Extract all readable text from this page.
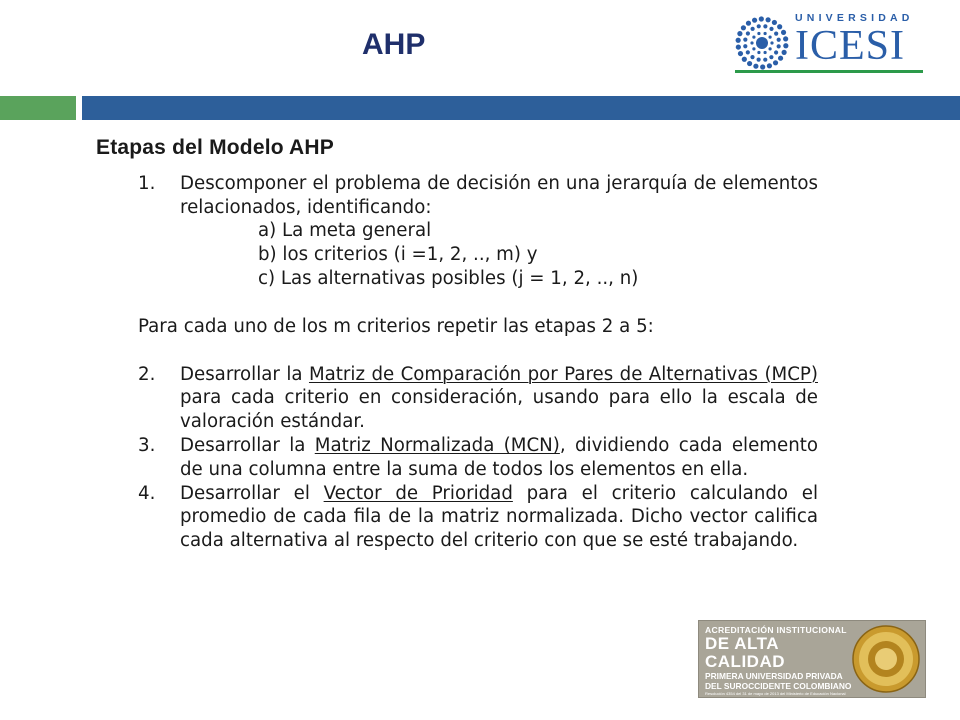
AHP
UNIVERSIDAD
ICESI
Etapas del Modelo AHP
1.	Descomponer el problema de decisión en una jerarquía de elementos relacionados, identificando:
a) La meta general
b) los criterios (i =1, 2, .., m) y
c) Las alternativas posibles (j = 1, 2, .., n)
Para cada uno de los m criterios repetir las etapas 2 a 5:
2.	Desarrollar la Matriz de Comparación por Pares de Alternativas (MCP) para cada criterio en consideración, usando para ello la escala de valoración estándar.
3.	Desarrollar la Matriz Normalizada (MCN), dividiendo cada elemento de una columna entre la suma de todos los elementos en ella.
4.	Desarrollar el Vector de Prioridad para el criterio calculando el promedio de cada fila de la matriz normalizada. Dicho vector califica cada alternativa al respecto del criterio con que se esté trabajando.
ACREDITACIÓN INSTITUCIONAL
DE ALTA CALIDAD
PRIMERA UNIVERSIDAD PRIVADA
DEL SUROCCIDENTE COLOMBIANO
Resolución 4354 del 31 de mayo de 2013 del Ministerio de Educación Nacional
